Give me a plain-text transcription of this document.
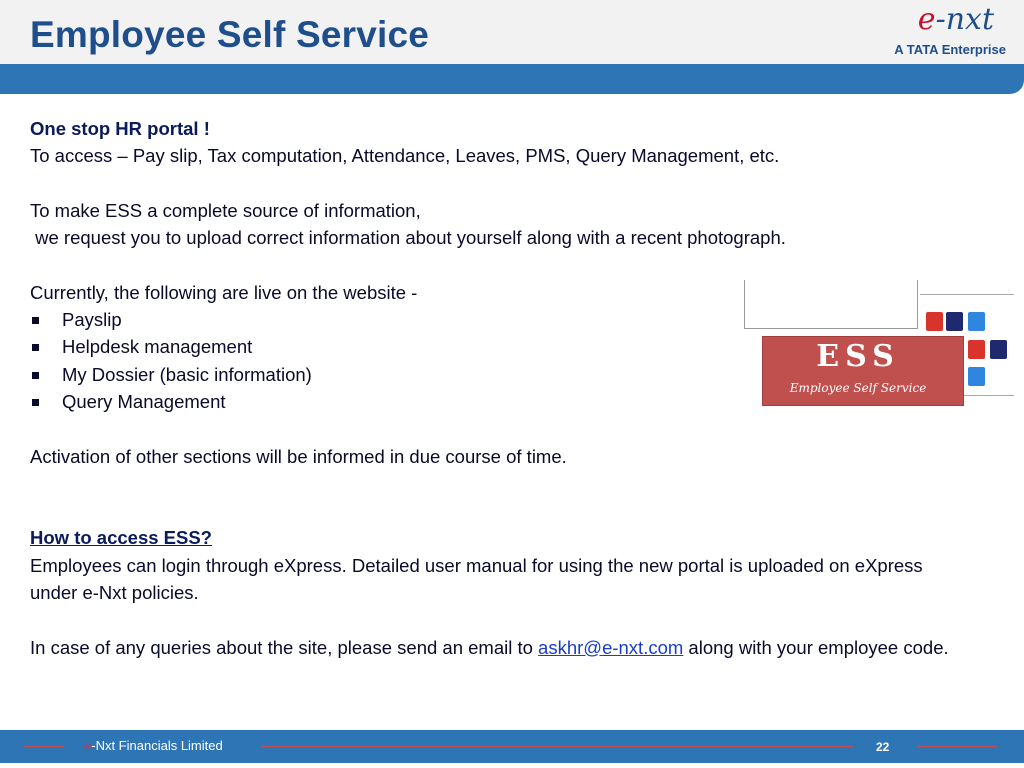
Employee Self Service	e-nxt
A TATA Enterprise

One stop HR portal !

To access – Pay slip, Tax computation, Attendance, Leaves, PMS, Query Management, etc.

To make ESS a complete source of information,

we request you to upload correct information about yourself along with a recent photograph.

Currently, the following are live on the website -

Payslip
Helpdesk management
My Dossier (basic information)
Query Management

Activation of other sections will be informed in due course of time.

How to access ESS?

Employees can login through eXpress. Detailed user manual for using the new portal is uploaded on eXpress under e-Nxt policies.

In case of any queries about the site, please send an email to askhr@e-nxt.com along with your employee code.

ESS
Employee Self Service
e-Nxt Financials Limited	22
